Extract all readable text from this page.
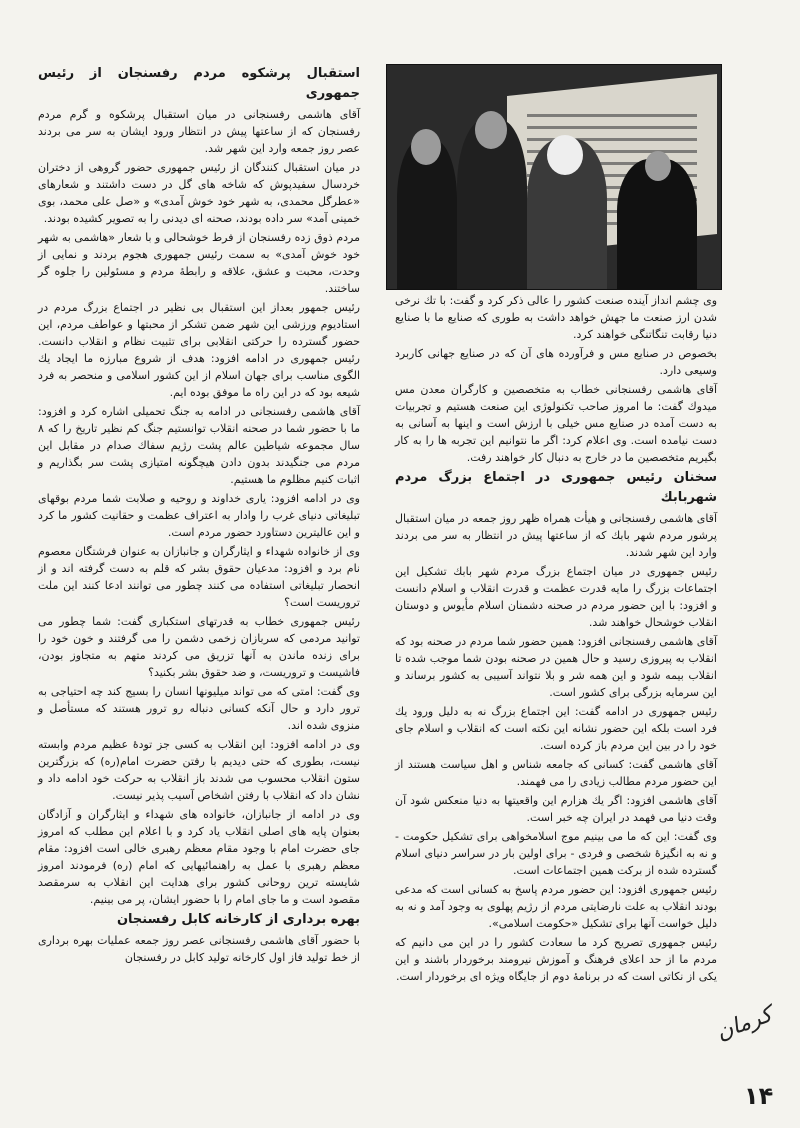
استقبال پرشکوه مردم رفسنجان از رئیس جمهوری

آقای هاشمی رفسنجانی در میان استقبال پرشکوه و گرم مردم رفسنجان که از ساعتها پیش در انتظار ورود ایشان به سر می بردند عصر روز جمعه وارد این شهر شد.

در میان استقبال کنندگان از رئیس جمهوری حضور گروهی از دختران خردسال سفیدپوش که شاخه های گل در دست داشتند و شعارهای «عطرگل محمدی، به شهر خود خوش آمدی» و «صل علی محمد، بوی خمینی آمد» سر داده بودند، صحنه ای دیدنی را به تصویر کشیده بودند.

مردم ذوق زده رفسنجان از فرط خوشحالی و با شعار «هاشمی به شهر خود خوش آمدی» به سمت رئیس جمهوری هجوم بردند و نمایی از وحدت، محبت و عشق، علاقه و رابطهٔ مردم و مسئولین را جلوه گر ساختند.

رئیس جمهور بعداز این استقبال بی نظیر در اجتماع بزرگ مردم در استادیوم ورزشی این شهر ضمن تشکر از محبتها و عواطف مردم، این حضور گسترده را حرکتی انقلابی برای تثبیت نظام و انقلاب دانست. رئیس جمهوری در ادامه افزود: هدف از شروع مبارزه ما ایجاد یك الگوی مناسب برای جهان اسلام از این کشور اسلامی و منحصر به فرد شیعه بود که در این راه ما موفق بوده ایم.

آقای هاشمی رفسنجانی در ادامه به جنگ تحمیلی اشاره کرد و افزود: ما با حضور شما در صحنه انقلاب توانستیم جنگ کم نظیر تاریخ را که ۸ سال مجموعه شیاطین عالم پشت رژیم سفاك صدام در مقابل این مردم می جنگیدند بدون دادن هیچگونه امتیازی پشت سر بگذاریم و اثبات کنیم مظلوم ما هستیم.

وی در ادامه افزود: یاری خداوند و روحیه و صلابت شما مردم بوقهای تبلیغاتی دنیای غرب را وادار به اعتراف عظمت و حقانیت کشور ما کرد و این عالیترین دستاورد حضور مردم است.

وی از خانواده شهداء و ایثارگران و جانبازان به عنوان فرشتگان معصوم نام برد و افزود: مدعیان حقوق بشر که قلم به دست گرفته اند و از انحصار تبلیغاتی استفاده می کنند چطور می توانند ادعا کنند این ملت تروریست است؟

رئیس جمهوری خطاب به قدرتهای استکباری گفت: شما چطور می توانید مردمی که سربازان زخمی دشمن را می گرفتند و خون خود را برای زنده ماندن به آنها تزریق می کردند متهم به متجاوز بودن، فاشیست و تروریست، و ضد حقوق بشر بکنید؟

وی گفت: امتی که می تواند میلیونها انسان را بسیج کند چه احتیاجی به ترور دارد و حال آنکه کسانی دنباله رو ترور هستند که مستأصل و منزوی شده اند.

وی در ادامه افزود: این انقلاب به کسی جز تودهٔ عظیم مردم وابسته نیست، بطوری که حتی دیدیم با رفتن حضرت امام(ره) که بزرگترین ستون انقلاب محسوب می شدند باز انقلاب به حرکت خود ادامه داد و نشان داد که انقلاب با رفتن اشخاص آسیب پذیر نیست.

وی در ادامه از جانبازان، خانواده های شهداء و ایثارگران و آزادگان بعنوان پایه های اصلی انقلاب یاد کرد و با اعلام این مطلب که امروز جای حضرت امام با وجود مقام معظم رهبری خالی است افزود: مقام معظم رهبری با عمل به راهنمائیهایی که امام (ره) فرمودند امروز شایسته ترین روحانی کشور برای هدایت این انقلاب به سرمقصد مقصود است و ما جای امام را با حضور ایشان، پر می بینیم.

بهره برداری از کارخانه کابل رفسنجان

با حضور آقای هاشمی رفسنجانی عصر روز جمعه عملیات بهره برداری از خط تولید فاز اول کارخانه تولید کابل در رفسنجان

وی چشم انداز آینده صنعت کشور را عالی ذکر کرد و گفت: با تك نرخی شدن ارز صنعت ما جهش خواهد داشت به طوری که صنایع ما با صنایع دنیا رقابت تنگاتنگی خواهند کرد.

بخصوص در صنایع مس و فرآورده های آن که در صنایع جهانی کاربرد وسیعی دارد.

آقای هاشمی رفسنجانی خطاب به متخصصین و کارگران معدن مس میدوك گفت: ما امروز صاحب تکنولوژی این صنعت هستیم و تجربیات به دست آمده در صنایع مس خیلی با ارزش است و اینها به آسانی به دست نیامده است. وی اعلام کرد: اگر ما نتوانیم این تجربه ها را به کار بگیریم متخصصین ما در خارج به دنبال کار خواهند رفت.

سخنان رئیس جمهوری در اجتماع بزرگ مردم شهربابك

آقای هاشمی رفسنجانی و هیأت همراه ظهر روز جمعه در میان استقبال پرشور مردم شهر بابك که از ساعتها پیش در انتظار به سر می بردند وارد این شهر شدند.

رئیس جمهوری در میان اجتماع بزرگ مردم شهر بابك تشکیل این اجتماعات بزرگ را مایه قدرت عظمت و قدرت انقلاب و اسلام دانست و افزود: با این حضور مردم در صحنه دشمنان اسلام مأیوس و دوستان انقلاب خوشحال خواهند شد.

آقای هاشمی رفسنجانی افزود: همین حضور شما مردم در صحنه بود که انقلاب به پیروزی رسید و حال همین در صحنه بودن شما موجب شده تا انقلاب بیمه شود و این همه شر و بلا نتواند آسیبی به کشور برساند و این سرمایه بزرگی برای کشور است.

رئیس جمهوری در ادامه گفت: این اجتماع بزرگ نه به دلیل ورود یك فرد است بلکه این حضور نشانه این نکته است که انقلاب و اسلام جای خود را در بین این مردم باز کرده است.

آقای هاشمی گفت: کسانی که جامعه شناس و اهل سیاست هستند از این حضور مردم مطالب زیادی را می فهمند.

آقای هاشمی افزود: اگر یك هزارم این واقعیتها به دنیا منعکس شود آن وقت دنیا می فهمد در ایران چه خبر است.

وی گفت: این که ما می بینیم موج اسلامخواهی برای تشکیل حکومت - و نه به انگیزهٔ شخصی و فردی - برای اولین بار در سراسر دنیای اسلام گسترده شده از برکت همین اجتماعات است.

رئیس جمهوری افزود: این حضور مردم پاسخ به کسانی است که مدعی بودند انقلاب به علت نارضایتی مردم از رژیم پهلوی به وجود آمد و نه به دلیل خواست آنها برای تشکیل «حکومت اسلامی».

رئیس جمهوری تصریح کرد ما سعادت کشور را در این می دانیم که مردم ما از حد اعلای فرهنگ و آموزش نیرومند برخوردار باشند و این یکی از نکاتی است که در برنامهٔ دوم از جایگاه ویژه ای برخوردار است.

کرمان
۱۴
